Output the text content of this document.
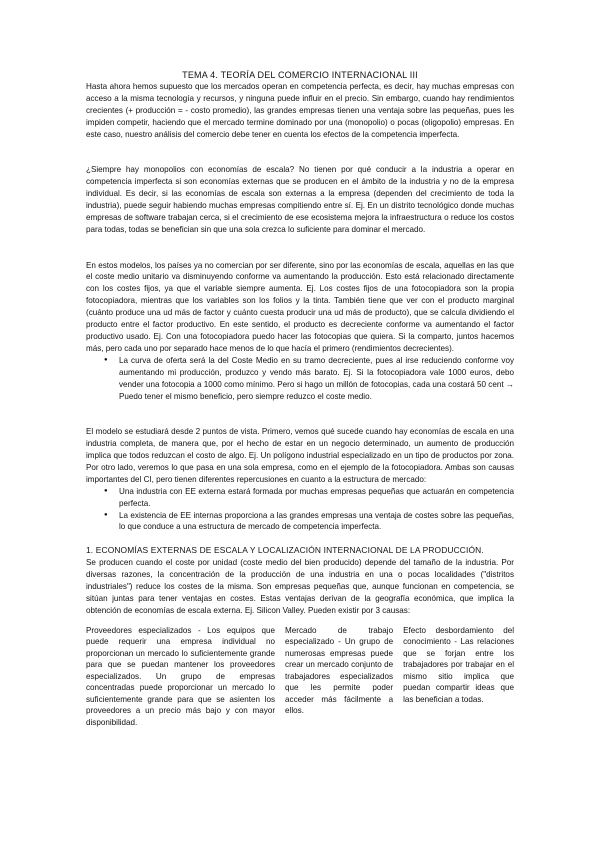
TEMA 4. TEORÍA DEL COMERCIO INTERNACIONAL III

Hasta ahora hemos supuesto que los mercados operan en competencia perfecta, es decir, hay muchas empresas con acceso a la misma tecnología y recursos, y ninguna puede influir en el precio. Sin embargo, cuando hay rendimientos crecientes (+ producción = - costo promedio), las grandes empresas tienen una ventaja sobre las pequeñas, pues les impiden competir, haciendo que el mercado termine dominado por una (monopolio) o pocas (oligopolio) empresas. En este caso, nuestro análisis del comercio debe tener en cuenta los efectos de la competencia imperfecta.

¿Siempre hay monopolios con economías de escala? No tienen por qué conducir a la industria a operar en competencia imperfecta si son economías externas que se producen en el ámbito de la industria y no de la empresa individual. Es decir, si las economías de escala son externas a la empresa (dependen del crecimiento de toda la industria), puede seguir habiendo muchas empresas compitiendo entre sí. Ej. En un distrito tecnológico donde muchas empresas de software trabajan cerca, si el crecimiento de ese ecosistema mejora la infraestructura o reduce los costos para todas, todas se benefician sin que una sola crezca lo suficiente para dominar el mercado.

En estos modelos, los países ya no comercian por ser diferente, sino por las economías de escala, aquellas en las que el coste medio unitario va disminuyendo conforme va aumentando la producción. Esto está relacionado directamente con los costes fijos, ya que el variable siempre aumenta. Ej. Los costes fijos de una fotocopiadora son la propia fotocopiadora, mientras que los variables son los folios y la tinta. También tiene que ver con el producto marginal (cuánto produce una ud más de factor y cuánto cuesta producir una ud más de producto), que se calcula dividiendo el producto entre el factor productivo. En este sentido, el producto es decreciente conforme va aumentando el factor productivo usado. Ej. Con una fotocopiadora puedo hacer las fotocopias que quiera. Si la comparto, juntos hacemos más, pero cada uno por separado hace menos de lo que hacía el primero (rendimientos decrecientes).

● La curva de oferta será la del Coste Medio en su tramo decreciente, pues al irse reduciendo conforme voy aumentando mi producción, produzco y vendo más barato. Ej. Si la fotocopiadora vale 1000 euros, debo vender una fotocopia a 1000 como mínimo. Pero si hago un millón de fotocopias, cada una costará 50 cent → Puedo tener el mismo beneficio, pero siempre reduzco el coste medio.

El modelo se estudiará desde 2 puntos de vista. Primero, vemos qué sucede cuando hay economías de escala en una industria completa, de manera que, por el hecho de estar en un negocio determinado, un aumento de producción implica que todos reduzcan el costo de algo. Ej. Un polígono industrial especializado en un tipo de productos por zona. Por otro lado, veremos lo que pasa en una sola empresa, como en el ejemplo de la fotocopiadora. Ambas son causas importantes del CI, pero tienen diferentes repercusiones en cuanto a la estructura de mercado:

● Una industria con EE externa estará formada por muchas empresas pequeñas que actuarán en competencia perfecta.
● La existencia de EE internas proporciona a las grandes empresas una ventaja de costes sobre las pequeñas, lo que conduce a una estructura de mercado de competencia imperfecta.
1. ECONOMÍAS EXTERNAS DE ESCALA Y LOCALIZACIÓN INTERNACIONAL DE LA PRODUCCIÓN.

Se producen cuando el coste por unidad (coste medio del bien producido) depende del tamaño de la industria. Por diversas razones, la concentración de la producción de una industria en una o pocas localidades ("distritos industriales") reduce los costes de la misma. Son empresas pequeñas que, aunque funcionan en competencia, se sitúan juntas para tener ventajas en costes. Estas ventajas derivan de la geografía económica, que implica la obtención de economías de escala externa. Ej. Silicon Valley. Pueden existir por 3 causas:

Proveedores especializados - Los equipos que puede requerir una empresa individual no proporcionan un mercado lo suficientemente grande para que se puedan mantener los proveedores especializados. Un grupo de empresas concentradas puede proporcionar un mercado lo suficientemente grande para que se asienten los proveedores a un precio más bajo y con mayor disponibilidad.
Mercado de trabajo especializado - Un grupo de numerosas empresas puede crear un mercado conjunto de trabajadores especializados que les permite poder acceder más fácilmente a ellos.
Efecto desbordamiento del conocimiento - Las relaciones que se forjan entre los trabajadores por trabajar en el mismo sitio implica que puedan compartir ideas que las benefician a todas.
